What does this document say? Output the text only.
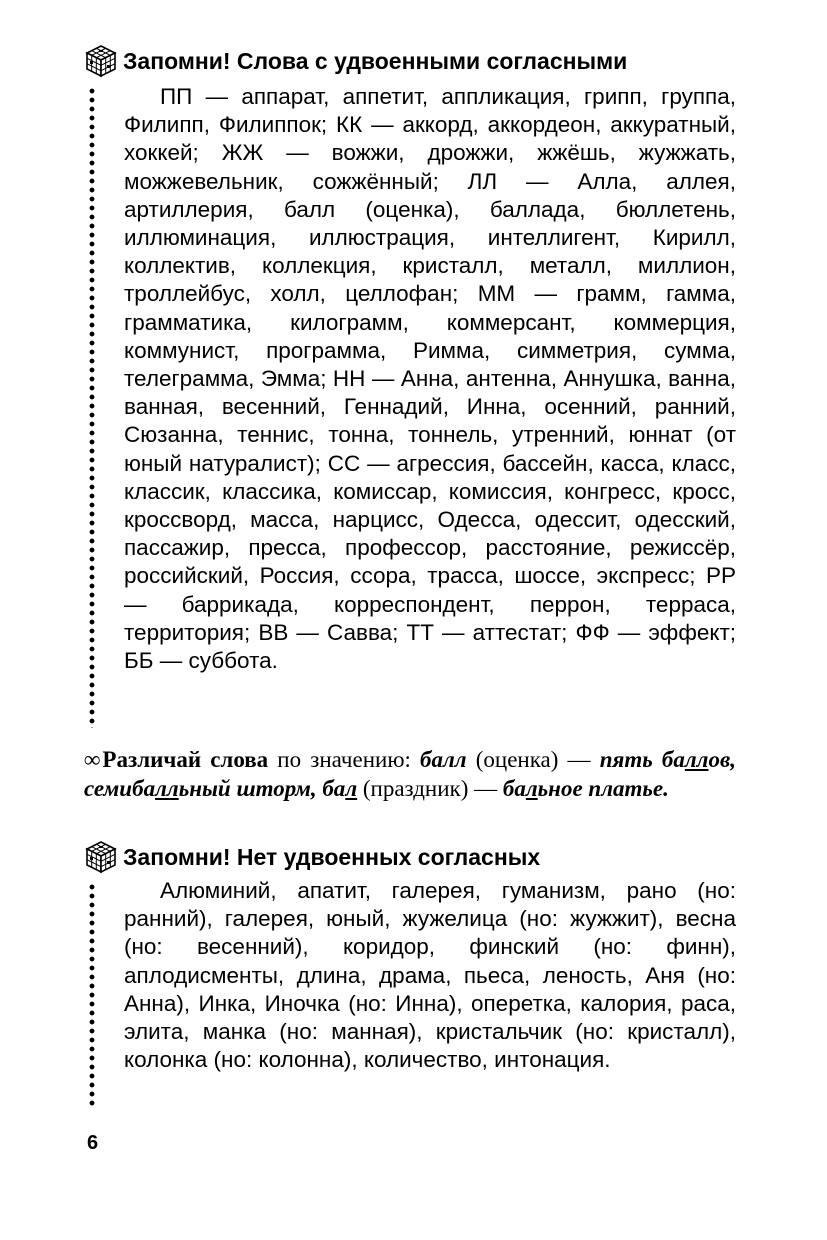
Запомни! Слова с удвоенными согласными

ПП — аппарат, аппетит, аппликация, грипп, группа, Филипп, Филиппок; КК — аккорд, аккордеон, аккуратный, хоккей; ЖЖ — вожжи, дрожжи, жжёшь, жужжать, можжевельник, сожжённый; ЛЛ — Алла, аллея, артиллерия, балл (оценка), баллада, бюллетень, иллюминация, иллюстрация, интеллигент, Кирилл, коллектив, коллекция, кристалл, металл, миллион, троллейбус, холл, целлофан; ММ — грамм, гамма, грамматика, килограмм, коммерсант, коммерция, коммунист, программа, Римма, симметрия, сумма, телеграмма, Эмма; НН — Анна, антенна, Аннушка, ванна, ванная, весенний, Геннадий, Инна, осенний, ранний, Сюзанна, теннис, тонна, тоннель, утренний, юннат (от юный натуралист); СС — агрессия, бассейн, касса, класс, классик, классика, комиссар, комиссия, конгресс, кросс, кроссворд, масса, нарцисс, Одесса, одессит, одесский, пассажир, пресса, профессор, расстояние, режиссёр, российский, Россия, ссора, трасса, шоссе, экспресс; РР — баррикада, корреспондент, перрон, терраса, территория; ВВ — Савва; ТТ — аттестат; ФФ — эффект; ББ — суббота.

∞Различай слова по значению: балл (оценка) — пять баллов, семибалльный шторм, бал (праздник) — бальное платье.
Запомни! Нет удвоенных согласных

Алюминий, апатит, галерея, гуманизм, рано (но: ранний), галерея, юный, жужелица (но: жужжит), весна (но: весенний), коридор, финский (но: финн), аплодисменты, длина, драма, пьеса, леность, Аня (но: Анна), Инка, Иночка (но: Инна), оперетка, калория, раса, элита, манка (но: манная), кристальчик (но: кристалл), колонка (но: колонна), количество, интонация.

6
